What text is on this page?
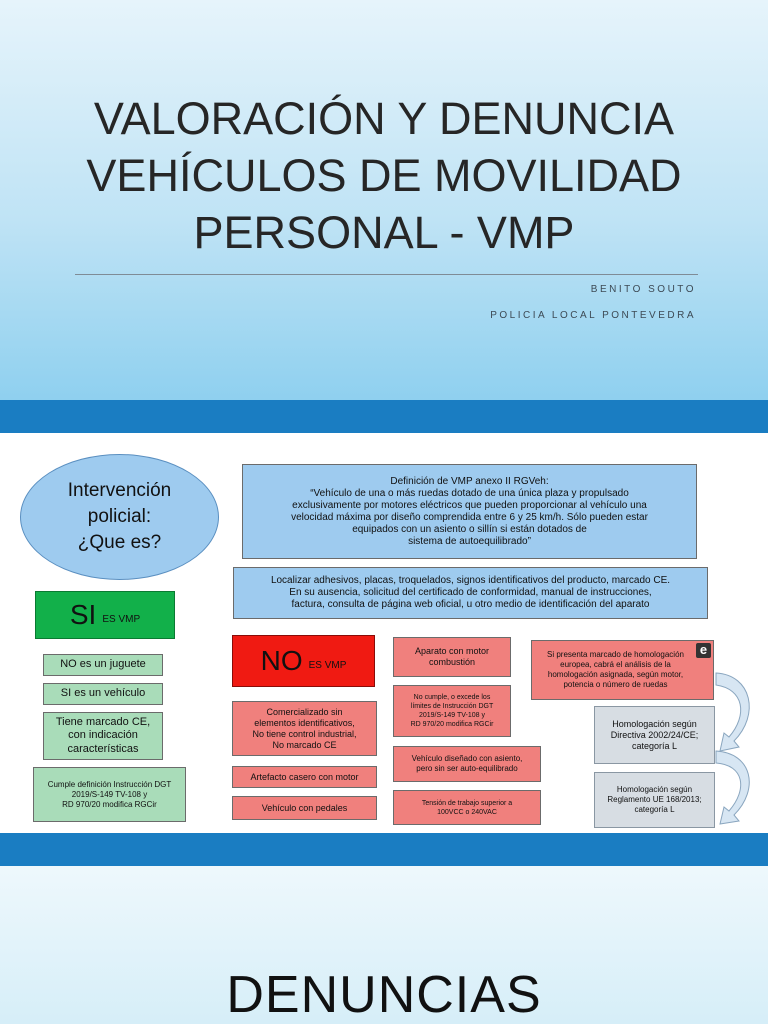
VALORACIÓN Y DENUNCIA
VEHÍCULOS DE MOVILIDAD
PERSONAL - VMP
BENITO SOUTO
POLICIA LOCAL PONTEVEDRA
Intervención
policial:
¿Que es?
Definición de VMP anexo II RGVeh:
“Vehículo de una o más ruedas dotado de una única plaza y propulsado
exclusivamente por motores eléctricos que pueden proporcionar al vehículo una
velocidad máxima por diseño comprendida entre 6 y 25 km/h. Sólo pueden estar
equipados con un asiento o sillín si están dotados de
sistema de autoequilibrado”
Localizar adhesivos, placas, troquelados, signos identificativos del producto, marcado CE.
En su ausencia, solicitud del certificado de conformidad, manual de instrucciones,
factura, consulta de página web oficial, u otro medio de identificación del aparato
SI ES VMP
NO es un juguete
SI es un vehículo
Tiene marcado CE,
con indicación
características
Cumple definición Instrucción DGT
2019/S-149 TV-108 y
RD 970/20 modifica RGCir
NO ES VMP
Comercializado sin
elementos identificativos,
No tiene control industrial,
No marcado CE
Artefacto casero con motor
Vehículo con pedales
Aparato con motor
combustión
No cumple, o excede los
límites de Instrucción DGT
2019/S-149 TV-108 y
RD 970/20 modifica RGCir
Vehículo diseñado con asiento,
pero sin ser auto-equilibrado
Tensión de trabajo superior a
100VCC o 240VAC
Si presenta marcado de homologación
europea, cabrá el análisis de la
homologación asignada, según motor,
potencia o número de ruedas
e
Homologación según
Directiva 2002/24/CE;
categoría L
Homologación según
Reglamento UE 168/2013;
categoría L
DENUNCIAS
